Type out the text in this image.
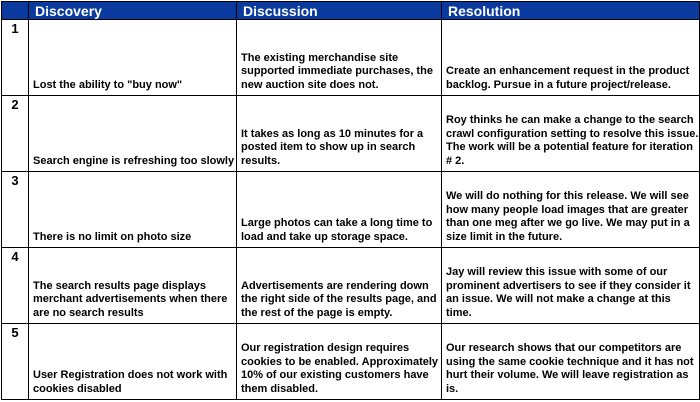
	Discovery	Discussion	Resolution
1	Lost the ability to "buy now"	The existing merchandise site supported immediate purchases, the new auction site does not.	Create an enhancement request in the product backlog. Pursue in a future project/release.
2	Search engine is refreshing too slowly	It takes as long as 10 minutes for a posted item to show up in search results.	Roy thinks he can make a change to the search crawl configuration setting to resolve this issue. The work will be a potential feature for iteration # 2.
3	There is no limit on photo size	Large photos can take a long time to load and take up storage space.	We will do nothing for this release. We will see how many people load images that are greater than one meg after we go live. We may put in a size limit in the future.
4	The search results page displays merchant advertisements when there are no search results	Advertisements are rendering down the right side of the results page, and the rest of the page is empty.	Jay will review this issue with some of our prominent advertisers to see if they consider it an issue. We will not make a change at this time.
5	User Registration does not work with cookies disabled	Our registration design requires cookies to be enabled. Approximately 10% of our existing customers have them disabled.	Our research shows that our competitors are using the same cookie technique and it has not hurt their volume. We will leave registration as is.
